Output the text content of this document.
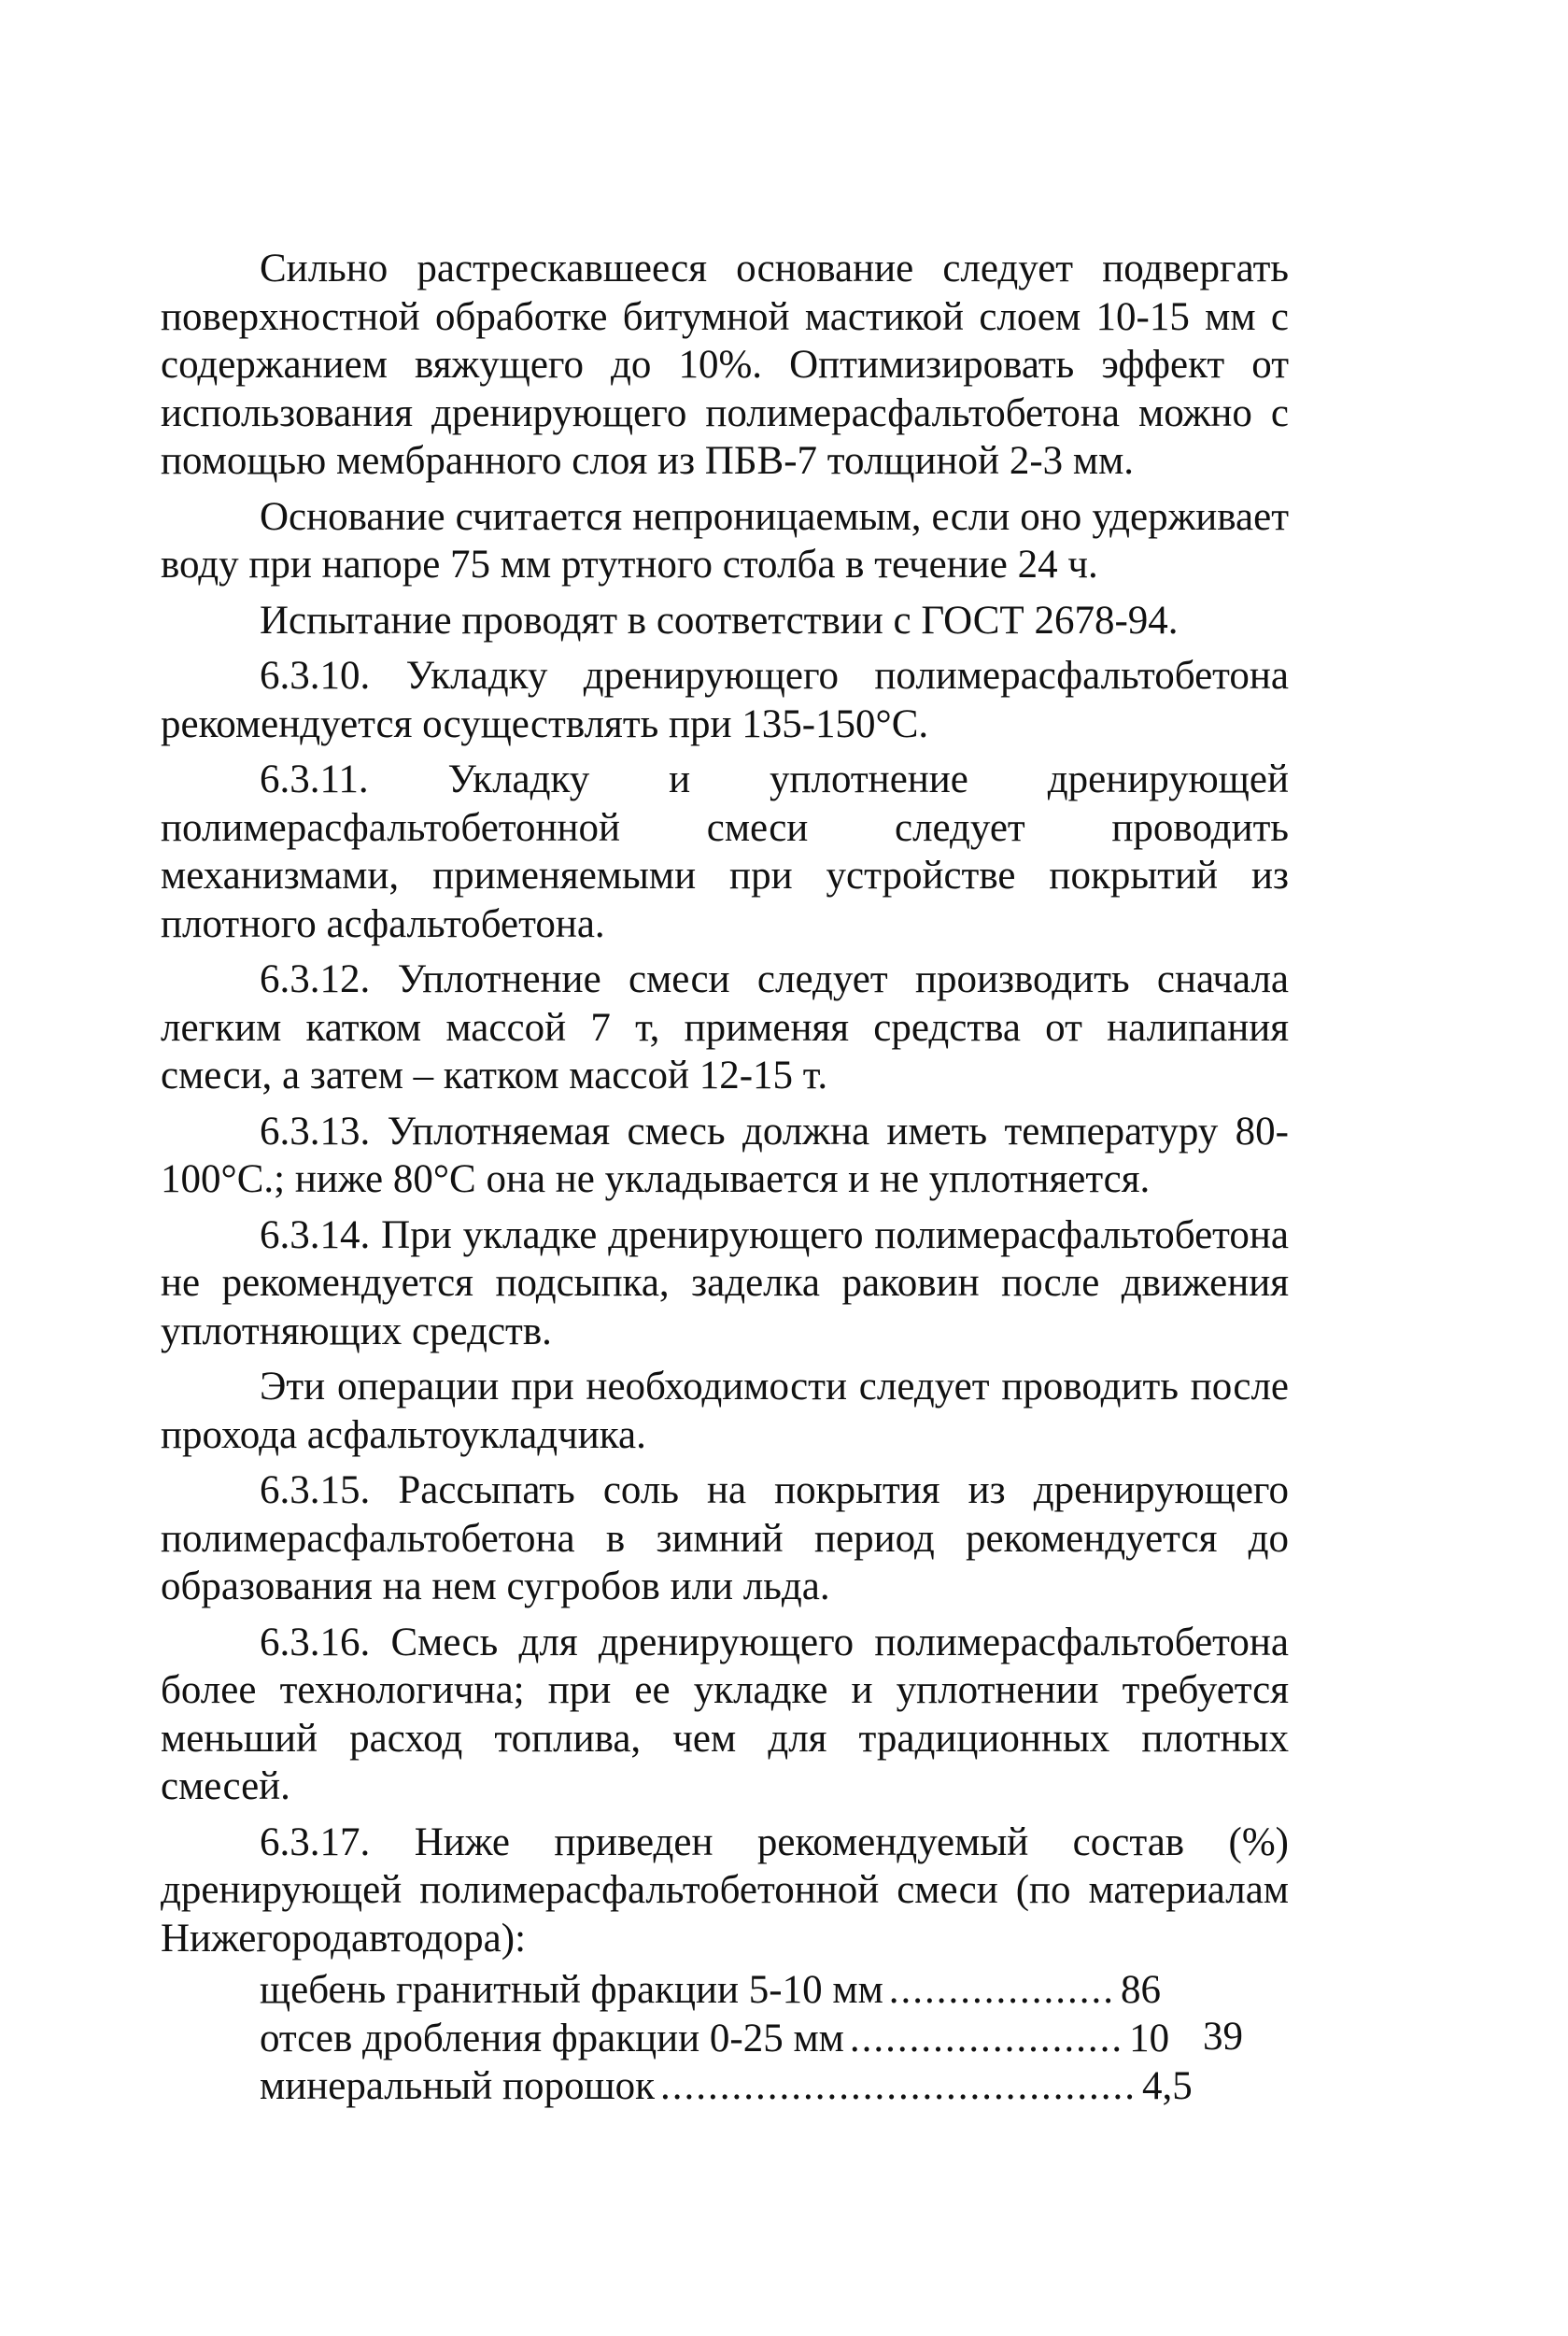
Сильно растрескавшееся основание следует подвергать поверхностной обработке битумной мастикой слоем 10-15 мм с содержанием вяжущего до 10%. Оптимизировать эффект от использования дренирующего полимерасфальтобетона можно с помощью мембранного слоя из ПБВ-7 толщиной 2-3 мм.

Основание считается непроницаемым, если оно удерживает воду при напоре 75 мм ртутного столба в течение 24 ч.

Испытание проводят в соответствии с ГОСТ 2678-94.

6.3.10. Укладку дренирующего полимерасфальтобетона рекомендуется осуществлять при 135-150°С.

6.3.11. Укладку и уплотнение дренирующей полимерасфальтобетонной смеси следует проводить механизмами, применяемыми при устройстве покрытий из плотного асфальтобетона.

6.3.12. Уплотнение смеси следует производить сначала легким катком массой 7 т, применяя средства от налипания смеси, а затем – катком массой 12-15 т.

6.3.13. Уплотняемая смесь должна иметь температуру 80-100°С.; ниже 80°С она не укладывается и не уплотняется.

6.3.14. При укладке дренирующего полимерасфальтобетона не рекомендуется подсыпка, заделка раковин после движения уплотняющих средств.

Эти операции при необходимости следует проводить после прохода асфальтоукладчика.

6.3.15. Рассыпать соль на покрытия из дренирующего полимерасфальтобетона в зимний период рекомендуется до образования на нем сугробов или льда.

6.3.16. Смесь для дренирующего полимерасфальтобетона более технологична; при ее укладке и уплотнении требуется меньший расход топлива, чем для традиционных плотных смесей.

6.3.17. Ниже приведен рекомендуемый состав (%) дренирующей полимерасфальтобетонной смеси (по материалам Нижегородавтодора):

щебень гранитный фракции 5-10 мм ................... 86
отсев дробления фракции 0-25 мм ....................... 10
минеральный порошок ........................................ 4,5
39
